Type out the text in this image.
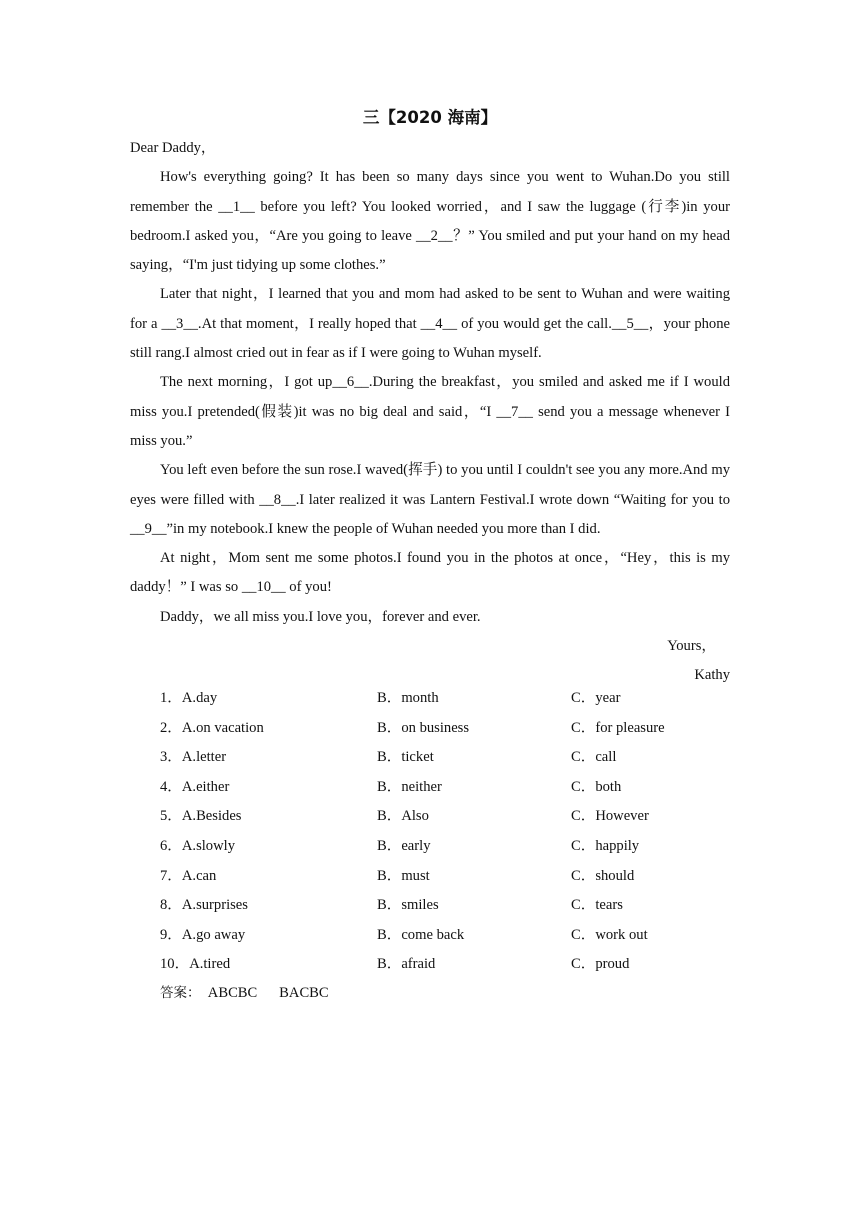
三【2020 海南】

Dear Daddy，

How's everything going? It has been so many days since you went to Wuhan.Do you still remember the __1__ before you left? You looked worried，and I saw the luggage (行李)in your bedroom.I asked you，“Are you going to leave __2__？” You smiled and put your hand on my head saying，“I'm just tidying up some clothes.”

Later that night，I learned that you and mom had asked to be sent to Wuhan and were waiting for a __3__.At that moment，I really hoped that __4__ of you would get the call.__5__，your phone still rang.I almost cried out in fear as if I were going to Wuhan myself.

The next morning，I got up__6__.During the breakfast，you smiled and asked me if I would miss you.I pretended(假装)it was no big deal and said，“I __7__ send you a message whenever I miss you.”

You left even before the sun rose.I waved(挥手) to you until I couldn't see you any more.And my eyes were filled with __8__.I later realized it was Lantern Festival.I wrote down “Waiting for you to __9__”in my notebook.I knew the people of Wuhan needed you more than I did.

At night，Mom sent me some photos.I found you in the photos at once，“Hey，this is my daddy！” I was so __10__ of you!

Daddy，we all miss you.I love you，forever and ever.

Yours，

Kathy

1．A.day	B．month	C．year
2．A.on vacation	B．on business	C．for pleasure
3．A.letter	B．ticket	C．call
4．A.either	B．neither	C．both
5．A.Besides	B．Also	C．However
6．A.slowly	B．early	C．happily
7．A.can	B．must	C．should
8．A.surprises	B．smiles	C．tears
9．A.go away	B．come back	C．work out
10．A.tired	B．afraid	C．proud
答案： ABCBC BACBC
